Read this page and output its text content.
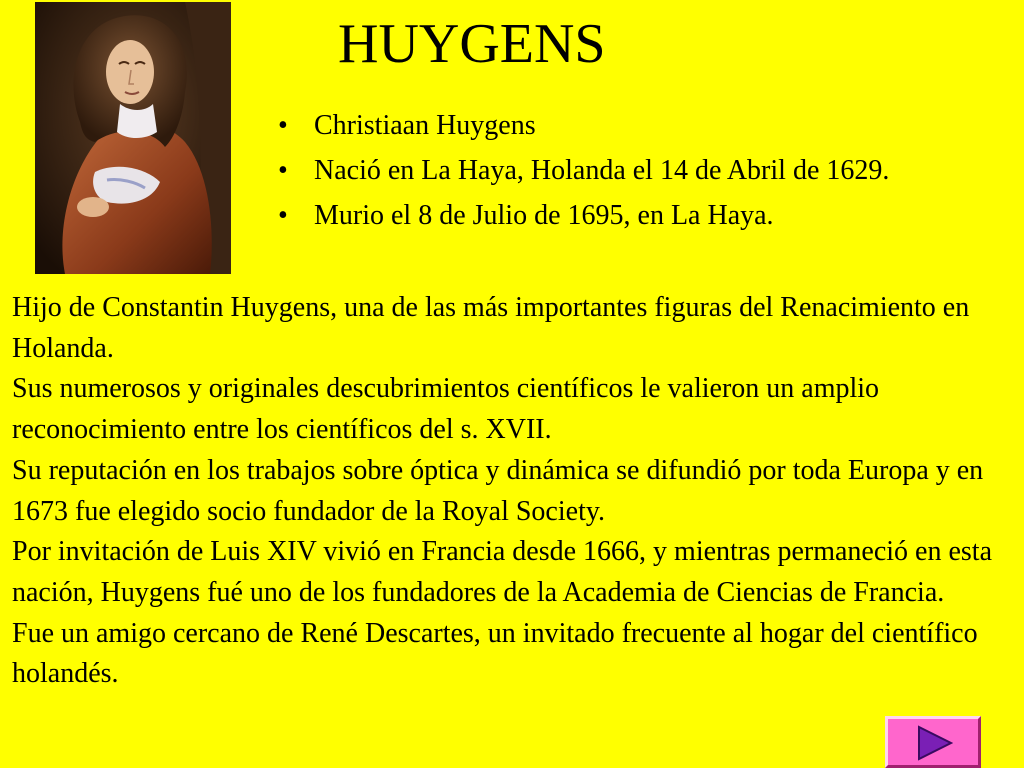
HUYGENS
• Christiaan Huygens
• Nació en La Haya, Holanda el 14 de Abril de 1629.
• Murio el 8 de Julio de 1695, en La Haya.

Hijo de Constantin Huygens, una de las más importantes figuras del Renacimiento en Holanda.

Sus numerosos y originales descubrimientos científicos le valieron un amplio reconocimiento entre los científicos del s. XVII.

Su reputación en los trabajos sobre óptica y dinámica se difundió por toda Europa y en 1673 fue elegido socio fundador de la Royal Society.

Por invitación de Luis XIV vivió en Francia desde 1666, y mientras permaneció en esta nación, Huygens fué uno de los fundadores de la Academia de Ciencias de Francia.

Fue un amigo cercano de René Descartes, un invitado frecuente al hogar del científico holandés.
